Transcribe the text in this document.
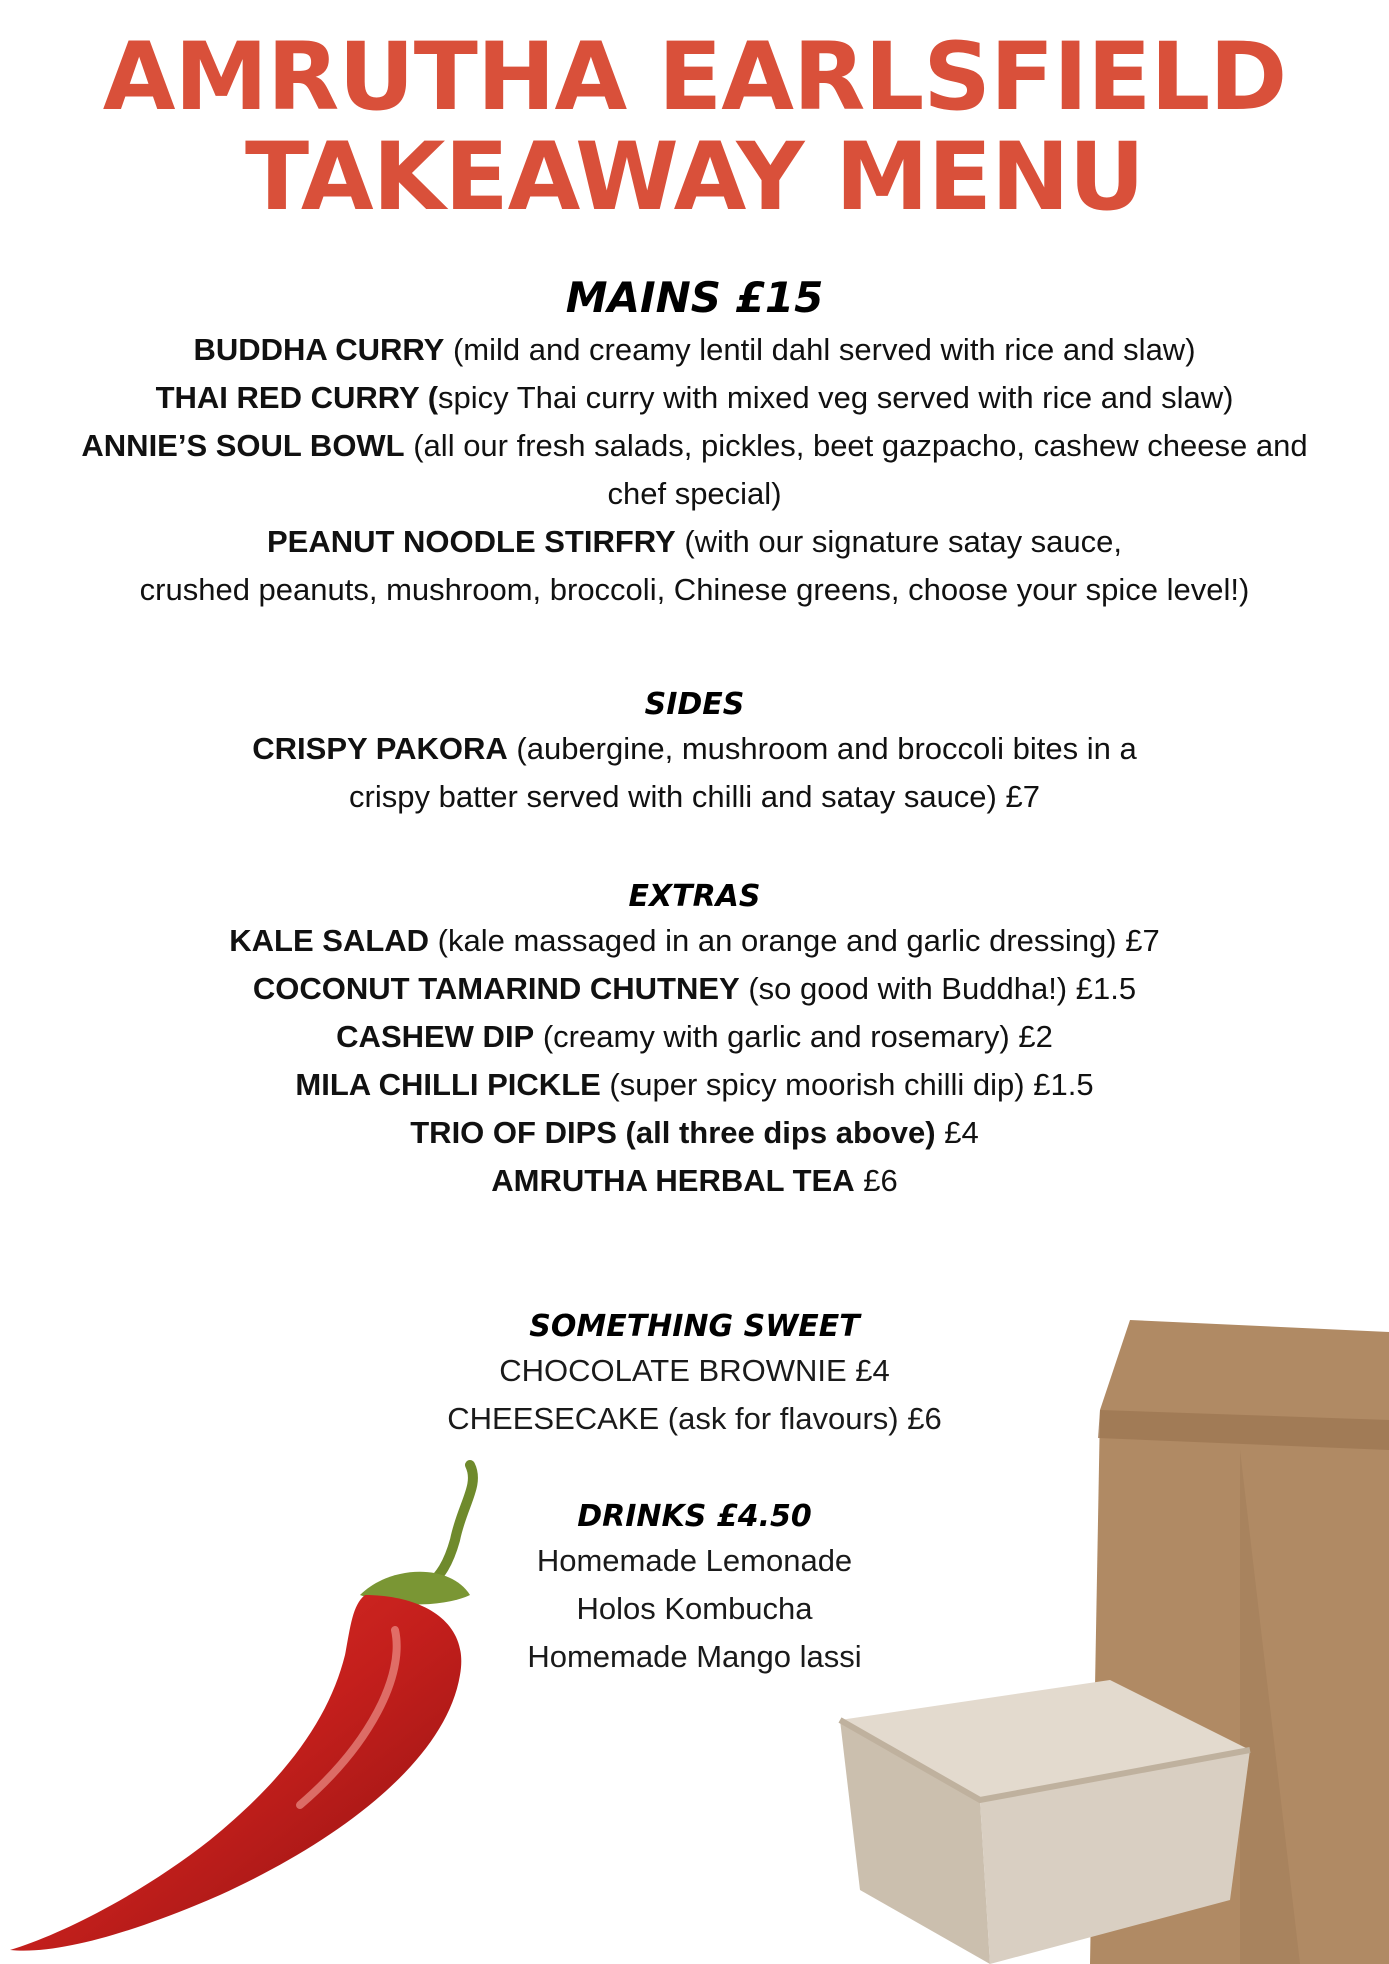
AMRUTHA EARLSFIELD
TAKEAWAY MENU
MAINS £15
BUDDHA CURRY (mild and creamy lentil dahl served with rice and slaw)
THAI RED CURRY (spicy Thai curry with mixed veg served with rice and slaw)
ANNIE’S SOUL BOWL (all our fresh salads, pickles, beet gazpacho, cashew cheese and
chef special)
PEANUT NOODLE STIRFRY (with our signature satay sauce,
crushed peanuts, mushroom, broccoli, Chinese greens, choose your spice level!)
SIDES
CRISPY PAKORA (aubergine, mushroom and broccoli bites in a
crispy batter served with chilli and satay sauce) £7
EXTRAS
KALE SALAD (kale massaged in an orange and garlic dressing) £7
COCONUT TAMARIND CHUTNEY (so good with Buddha!) £1.5
CASHEW DIP (creamy with garlic and rosemary) £2
MILA CHILLI PICKLE (super spicy moorish chilli dip) £1.5
TRIO OF DIPS (all three dips above) £4
AMRUTHA HERBAL TEA £6
SOMETHING SWEET
CHOCOLATE BROWNIE £4
CHEESECAKE (ask for flavours) £6
DRINKS £4.50
Homemade Lemonade
Holos Kombucha
Homemade Mango lassi
